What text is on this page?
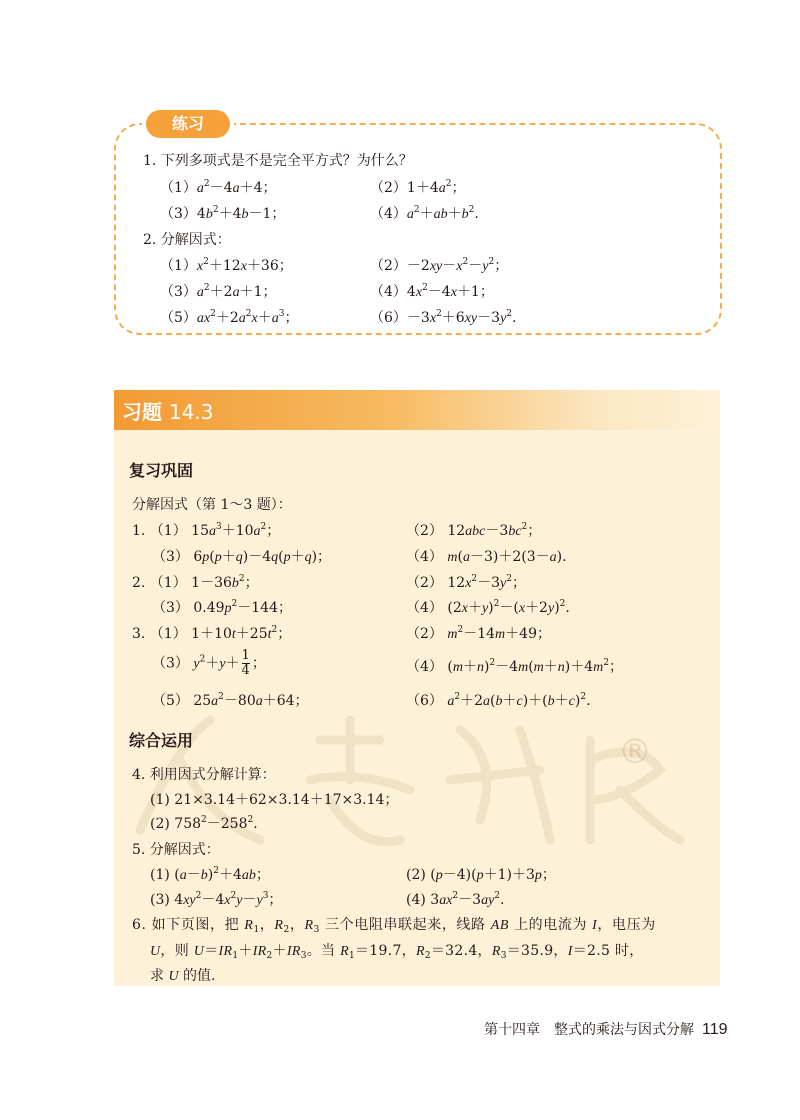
练习
1. 下列多项式是不是完全平方式？为什么？
$(1)a^2-4a+4$；	$(2)1+4a^2$；
$(3)4b^2+4b-1$；	$(4)a^2+ab+b^2$.
2. 分解因式：
$(1)x^2+12x+36$；	$(2)-2xy-x^2-y^2$；
$(3)a^2+2a+1$；	$(4)4x^2-4x+1$；
$(5)ax^2+2a^2x+a^3$；	$(6)-3x^2+6xy-3y^2$.
习题 14.3
®
复习巩固
分解因式（第 1～3 题）：
1. （1） $15a^3+10a^2$；	（2） $12abc-3bc^2$；
（3） 6p(p＋q)－4q(p＋q)；	（4） m(a－3)＋2(3－a).
2. （1） $1-36b^2$；	（2） $12x^2-3y^2$；
（3） $0.49p^2-144$；	（4） $(2x+y)^2-(x+2y)^2$.
3. （1） $1+10t+25t^2$；	（2） $m^2-14m+49$；
（3） $y^2+y+ \frac{1}{4}$ ；	（4） $(m+n)^2-4m(m+n)+4m^2$；
（5） $25a^2-80a+64$；	（6） $a^2+2a(b+c)+(b+c)^2$.
综合运用
4. 利用因式分解计算：
(1) 21×3.14＋62×3.14＋17×3.14；
(2) $758^2-258^2$.
5. 分解因式：
(1) $(a-b)^2+4ab$；	(2) (p－4)(p＋1)＋3p；
(3) $4xy^2-4x^2y-y^3$；	(4) $3ax^2-3ay^2$.
6. 如下页图，把 $R_1$，$R_2$，$R_3$ 三个电阻串联起来，线路 AB 上的电流为 I，电压为
U，则 $U=IR_1+IR_2+IR_3$。当 $R_1=19.7$，$R_2=32.4$，$R_3=35.9$，I＝2.5 时，
求 U 的值.
第十四章　整式的乘法与因式分解 119
